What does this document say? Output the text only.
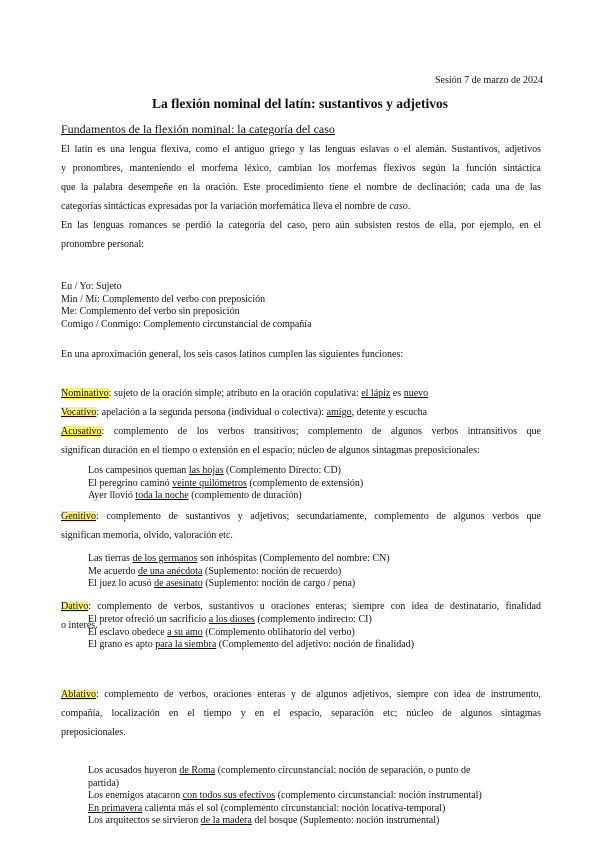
Sesión 7 de marzo de 2024
La flexión nominal del latín: sustantivos y adjetivos
Fundamentos de la flexión nominal: la categoría del caso
El latín es una lengua flexiva, como el antiguo griego y las lenguas eslavas o el alemán. Sustantivos, adjetivos
y pronombres, manteniendo el morfema léxico, cambian los morfemas flexivos según la función sintáctica
que la palabra desempeñe en la oración. Este procedimiento tiene el nombre de declinación; cada una de las
categorías sintácticas expresadas por la variación morfemática lleva el nombre de caso.
En las lenguas romances se perdió la categoría del caso, pero aún subsisten restos de ella, por ejemplo, en el
pronombre personal:
Eu / Yo: Sujeto
Min / Mí: Complemento del verbo con preposición
Me: Complemento del verbo sin preposición
Comigo / Conmigo: Complemento circunstancial de compañía
En una aproximación general, los seis casos latinos cumplen las siguientes funciones:
Nominativo: sujeto de la oración simple; atributo en la oración copulativa: el lápiz es nuevo
Vocativo: apelación a la segunda persona (individual o colectiva): amigo, detente y escucha
Acusativo: complemento de los verbos transitivos; complemento de algunos verbos intransitivos que
significan duración en el tiempo o extensión en el espacio; núcleo de algunos sintagmas preposicionales:
Los campesinos queman las hojas (Complemento Directo: CD)
El peregrino caminó veinte quilómetros (complemento de extensión)
Ayer llovió toda la noche (complemento de duración)
Genitivo: complemento de sustantivos y adjetivos; secundariamente, complemento de algunos verbos que
significan memoria, olvido, valoración etc.
Las tierras de los germanos son inhóspitas (Complemento del nombre: CN)
Me acuerdo de una anécdota (Suplemento: noción de recuerdo)
El juez lo acusó de asesinato (Suplemento: noción de cargo / pena)
Dativo: complemento de verbos, sustantivos u oraciones enteras; siempre con idea de destinatario, finalidad
o interés.
El pretor ofreció un sacrificio a los dioses (complemento indirecto: CI)
El esclavo obedece a su amo (Complemento oblihatorio del verbo)
El grano es apto para la siembra (Complemento del adjetivo: noción de finalidad)
Ablativo: complemento de verbos, oraciones enteras y de algunos adjetivos, siempre con idea de instrumento,
compañía, localización en el tiempo y en el espacio, separación etc; núcleo de algunos sintagmas
preposicionales.
Los acusados huyeron de Roma (complemento circunstancial: noción de separación, o punto de
partida)
Los enemigos atacaron con todos sus efectivos (complemento circunstancial: noción instrumental)
En primavera calienta más el sol (complemento circunstancial: noción locativa-temporal)
Los arquitectos se sirvieron de la madera del bosque (Suplemento: noción instrumental)
